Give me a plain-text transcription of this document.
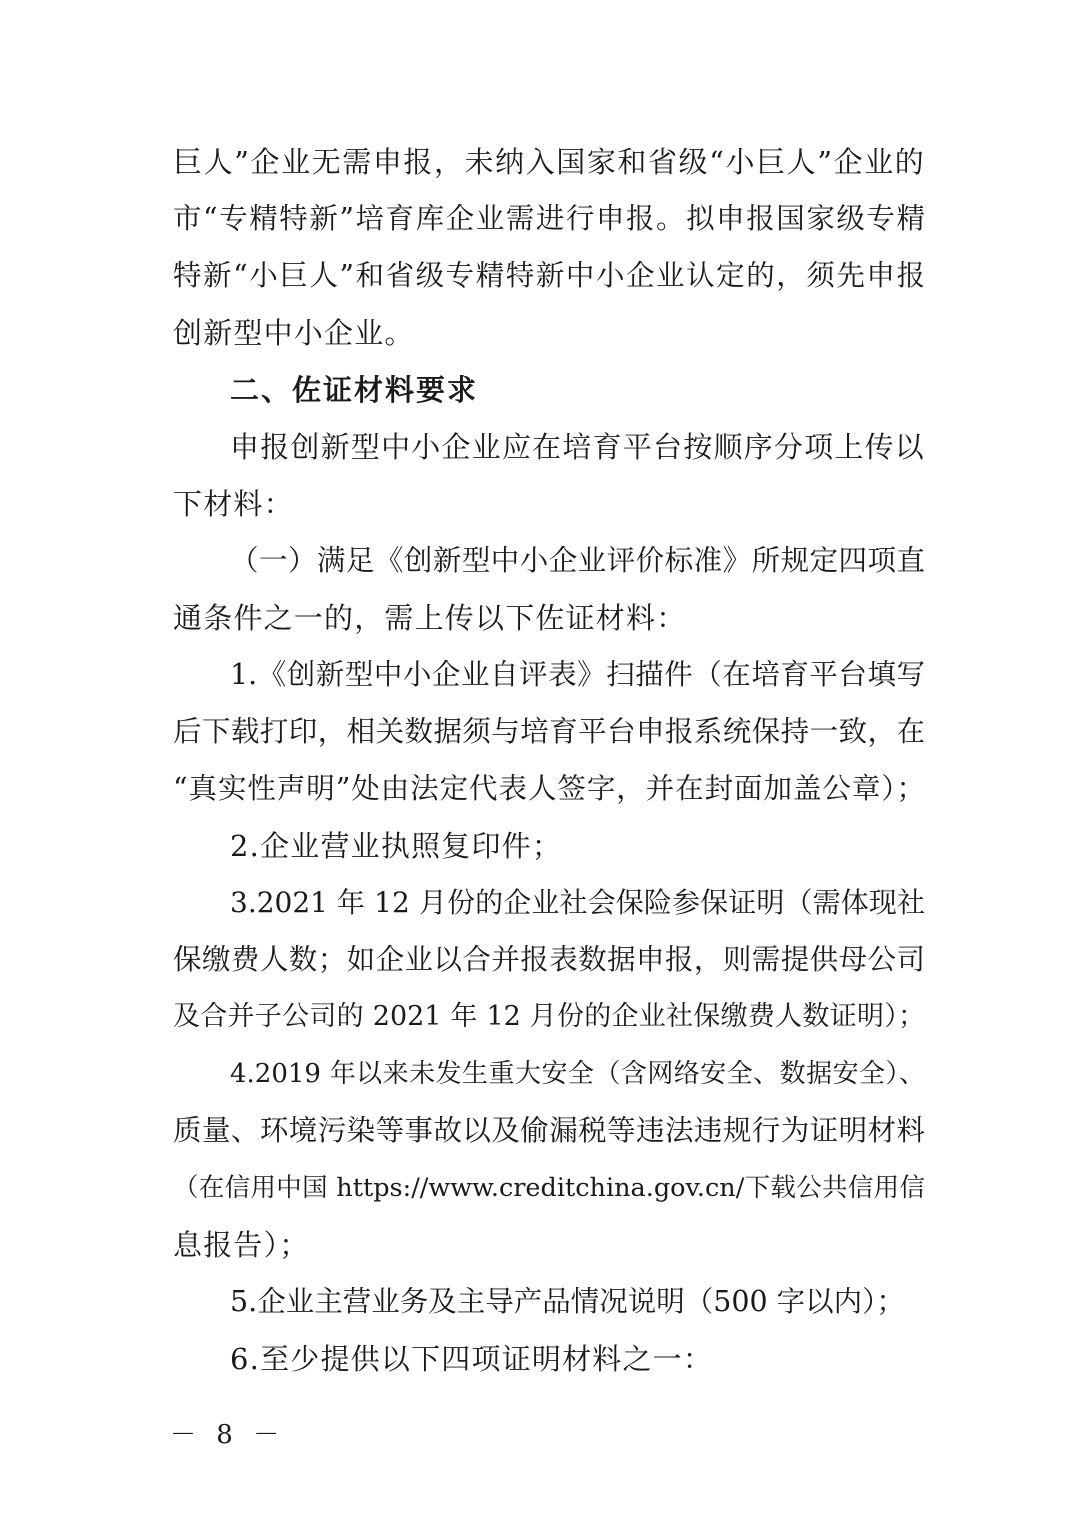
巨人”企业无需申报，未纳入国家和省级“小巨人”企业的
市“专精特新”培育库企业需进行申报。拟申报国家级专精
特新“小巨人”和省级专精特新中小企业认定的，须先申报
创新型中小企业。
二、佐证材料要求
申报创新型中小企业应在培育平台按顺序分项上传以
下材料：
（一）满足《创新型中小企业评价标准》所规定四项直
通条件之一的，需上传以下佐证材料：
1.《创新型中小企业自评表》扫描件（在培育平台填写
后下载打印，相关数据须与培育平台申报系统保持一致，在
“真实性声明”处由法定代表人签字，并在封面加盖公章）；
2.企业营业执照复印件；
3.2021 年 12 月份的企业社会保险参保证明（需体现社
保缴费人数；如企业以合并报表数据申报，则需提供母公司
及合并子公司的 2021 年 12 月份的企业社保缴费人数证明）；
4.2019 年以来未发生重大安全（含网络安全、数据安全）、
质量、环境污染等事故以及偷漏税等违法违规行为证明材料
（在信用中国 https://www.creditchina.gov.cn/下载公共信用信
息报告）；
5.企业主营业务及主导产品情况说明（500 字以内）；
6.至少提供以下四项证明材料之一：
－ 8 －
